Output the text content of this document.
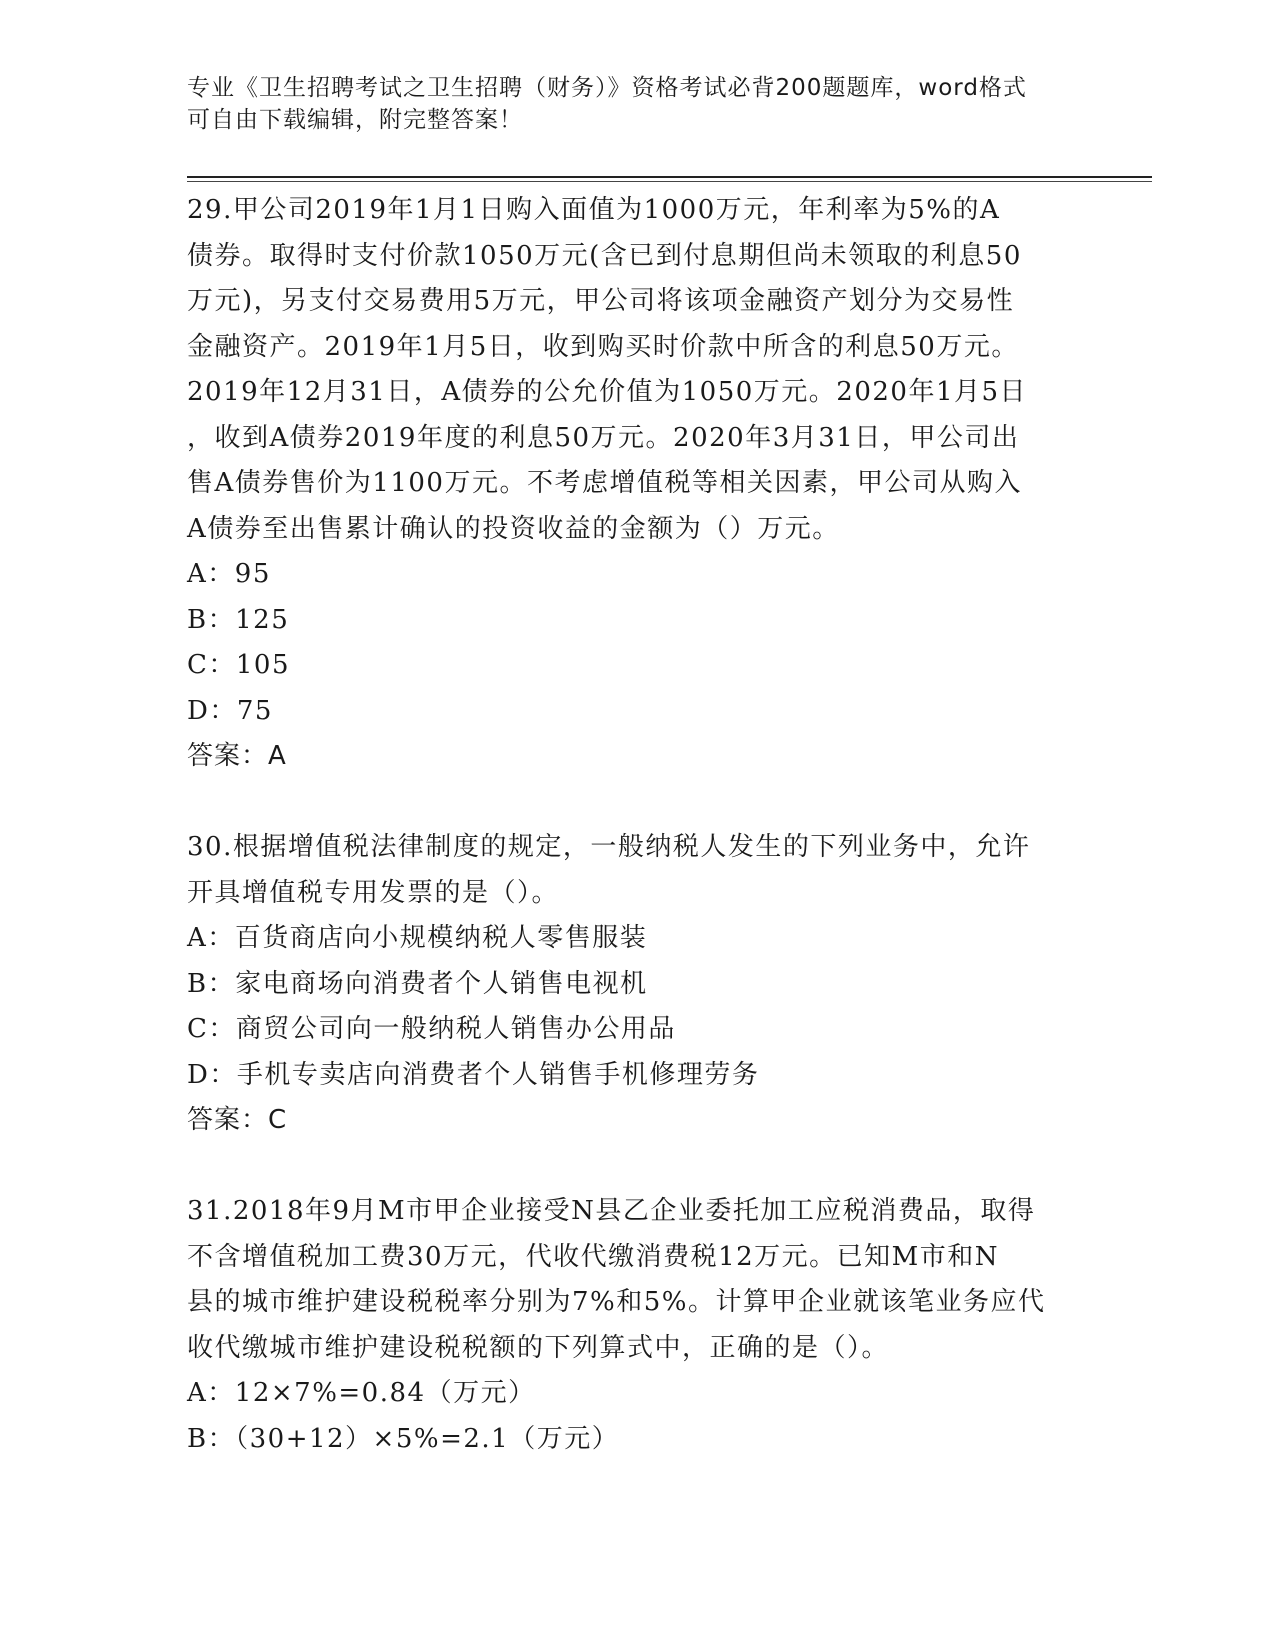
专业《卫生招聘考试之卫生招聘（财务）》资格考试必背200题题库，word格式
可自由下载编辑，附完整答案！
29.甲公司2019年1月1日购入面值为1000万元，年利率为5%的A
债券。取得时支付价款1050万元(含已到付息期但尚未领取的利息50
万元)，另支付交易费用5万元，甲公司将该项金融资产划分为交易性
金融资产。2019年1月5日，收到购买时价款中所含的利息50万元。
2019年12月31日，A债券的公允价值为1050万元。2020年1月5日
，收到A债券2019年度的利息50万元。2020年3月31日，甲公司出
售A债券售价为1100万元。不考虑增值税等相关因素，甲公司从购入
A债券至出售累计确认的投资收益的金额为（）万元。
A：95
B：125
C：105
D：75
答案：A
30.根据增值税法律制度的规定，一般纳税人发生的下列业务中，允许
开具增值税专用发票的是（）。
A：百货商店向小规模纳税人零售服装
B：家电商场向消费者个人销售电视机
C：商贸公司向一般纳税人销售办公用品
D：手机专卖店向消费者个人销售手机修理劳务
答案：C
31.2018年9月M市甲企业接受N县乙企业委托加工应税消费品，取得
不含增值税加工费30万元，代收代缴消费税12万元。已知M市和N
县的城市维护建设税税率分别为7%和5%。计算甲企业就该笔业务应代
收代缴城市维护建设税税额的下列算式中，正确的是（）。
A：12×7%=0.84（万元）
B：（30+12）×5%=2.1（万元）
